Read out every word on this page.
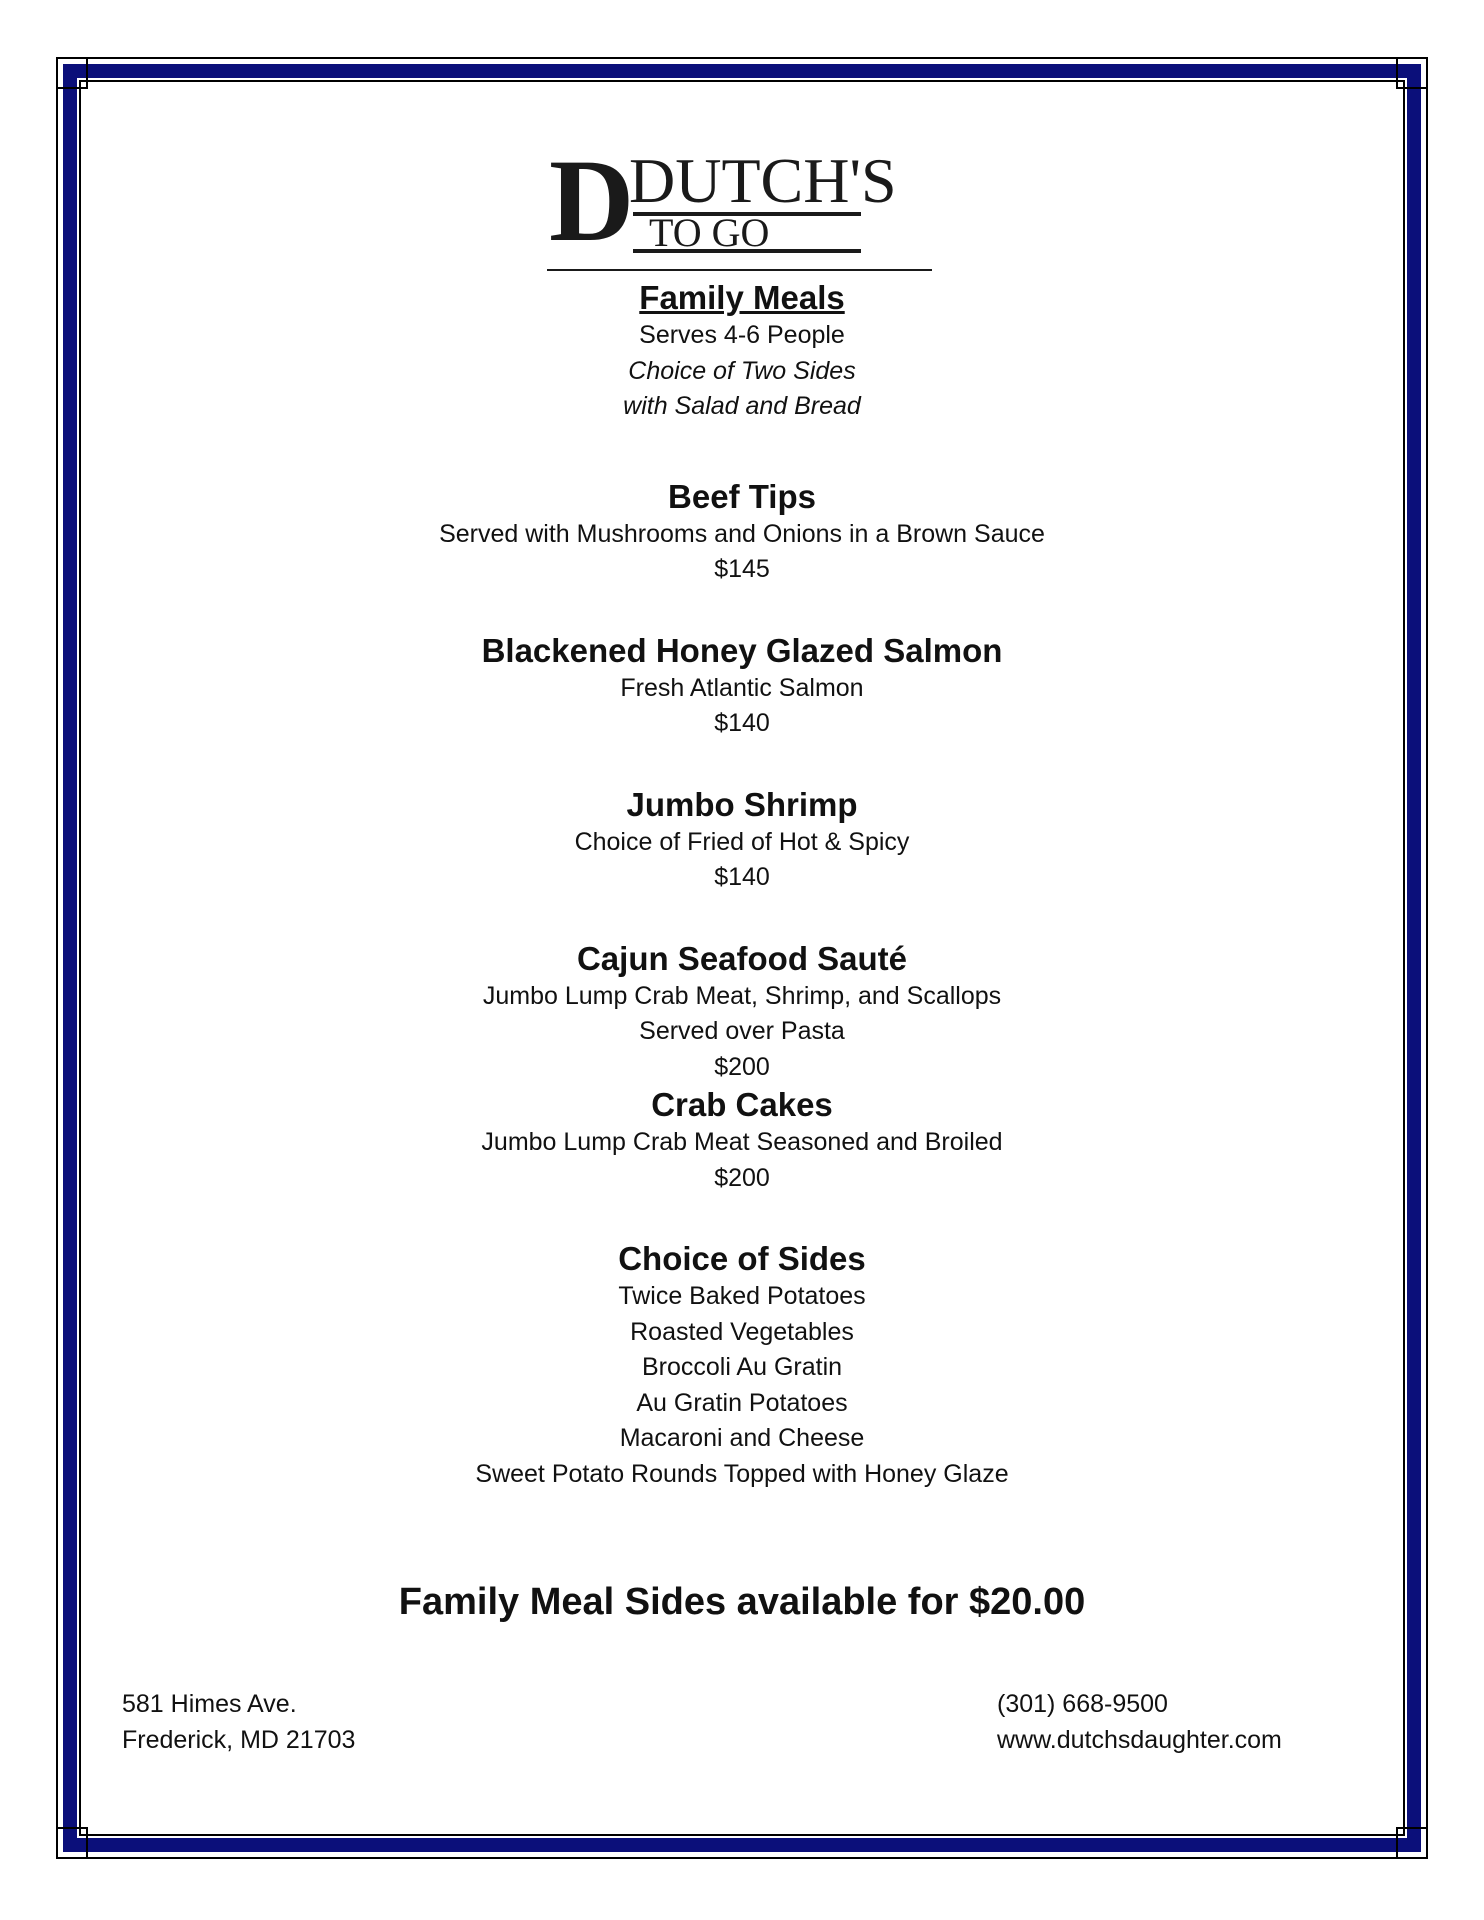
D
DUTCH'S
TO GO

Family Meals

Serves 4-6 People

Choice of Two Sides

with Salad and Bread

Beef Tips

Served with Mushrooms and Onions in a Brown Sauce

$145

Blackened Honey Glazed Salmon

Fresh Atlantic Salmon

$140

Jumbo Shrimp

Choice of Fried of Hot & Spicy

$140

Cajun Seafood Sauté

Jumbo Lump Crab Meat, Shrimp, and Scallops

Served over Pasta

$200

Crab Cakes

Jumbo Lump Crab Meat Seasoned and Broiled

$200

Choice of Sides

Twice Baked Potatoes

Roasted Vegetables

Broccoli Au Gratin

Au Gratin Potatoes

Macaroni and Cheese

Sweet Potato Rounds Topped with Honey Glaze

Family Meal Sides available for $20.00

581 Himes Ave.
Frederick, MD 21703
(301) 668-9500
www.dutchsdaughter.com
